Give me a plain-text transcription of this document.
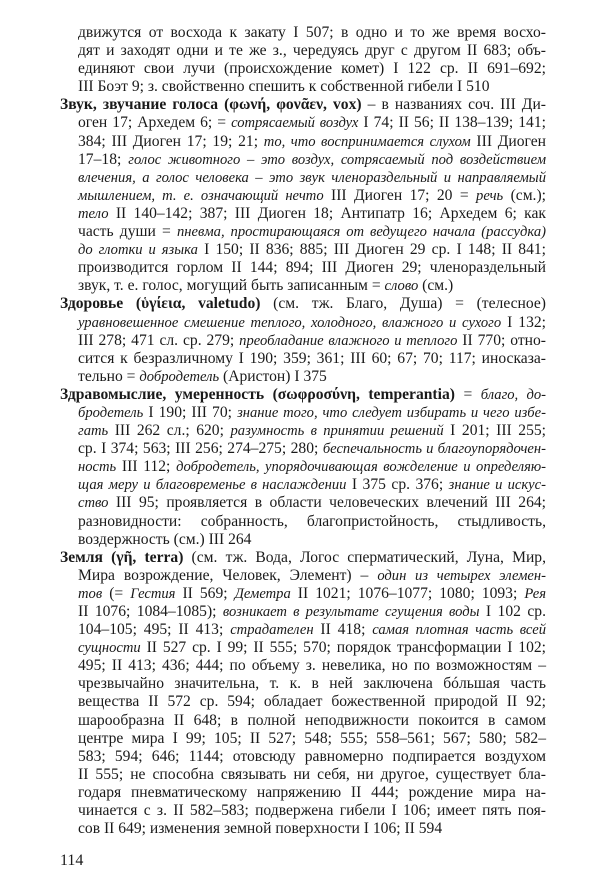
движутся от восхода к закату I 507; в одно и то же время восхо-
дят и заходят одни и те же з., чередуясь друг с другом II 683; объ-
единяют свои лучи (происхождение комет) I 122 ср. II 691–692;
III Боэт 9; з. свойственно спешить к собственной гибели I 510
Звук, звучание голоса (φωνή, φονᾶεν, vox) – в названиях соч. III Ди-
оген 17; Архедем 6; = сотрясаемый воздух I 74; II 56; II 138–139; 141;
384; III Диоген 17; 19; 21; то, что воспринимается слухом III Диоген
17–18; голос животного – это воздух, сотрясаемый под воздействием
влечения, а голос человека – это звук членораздельный и направляемый
мышлением, т. е. означающий нечто III Диоген 17; 20 = речь (см.);
тело II 140–142; 387; III Диоген 18; Антипатр 16; Архедем 6; как
часть души = пневма, простирающаяся от ведущего начала (рассудка)
до глотки и языка I 150; II 836; 885; III Диоген 29 ср. I 148; II 841;
производится горлом II 144; 894; III Диоген 29; членораздельный
звук, т. е. голос, могущий быть записанным = слово (см.)
Здоровье (ὑγίεια, valetudo) (см. тж. Благо, Душа) = (телесное)
уравновешенное смешение теплого, холодного, влажного и сухого I 132;
III 278; 471 сл. ср. 279; преобладание влажного и теплого II 770; отно-
сится к безразличному I 190; 359; 361; III 60; 67; 70; 117; иносказа-
тельно = добродетель (Аристон) I 375
Здравомыслие, умеренность (σωφροσύνη, temperantia) = благо, до-
бродетель I 190; III 70; знание того, что следует избирать и чего избе-
гать III 262 сл.; 620; разумность в принятии решений I 201; III 255;
ср. I 374; 563; III 256; 274–275; 280; беспечальность и благоупорядочен-
ность III 112; добродетель, упорядочивающая вожделение и определяю-
щая меру и благовременье в наслаждении I 375 ср. 376; знание и искус-
ство III 95; проявляется в области человеческих влечений III 264;
разновидности: собранность, благопристойность, стыдливость,
воздержность (см.) III 264
Земля (γῆ, terra) (см. тж. Вода, Логос сперматический, Луна, Мир,
Мира возрождение, Человек, Элемент) – один из четырех элемен-
тов (= Гестия II 569; Деметра II 1021; 1076–1077; 1080; 1093; Рея
II 1076; 1084–1085); возникает в результате сгущения воды I 102 ср.
104–105; 495; II 413; страдателен II 418; самая плотная часть всей
сущности II 527 ср. I 99; II 555; 570; порядок трансформации I 102;
495; II 413; 436; 444; по объему з. невелика, но по возможностям –
чрезвычайно значительна, т. к. в ней заключена бóльшая часть
вещества II 572 ср. 594; обладает божественной природой II 92;
шарообразна II 648; в полной неподвижности покоится в самом
центре мира I 99; 105; II 527; 548; 555; 558–561; 567; 580; 582–
583; 594; 646; 1144; отовсюду равномерно подпирается воздухом
II 555; не способна связывать ни себя, ни другое, существует бла-
годаря пневматическому напряжению II 444; рождение мира на-
чинается с з. II 582–583; подвержена гибели I 106; имеет пять поя-
сов II 649; изменения земной поверхности I 106; II 594
114
